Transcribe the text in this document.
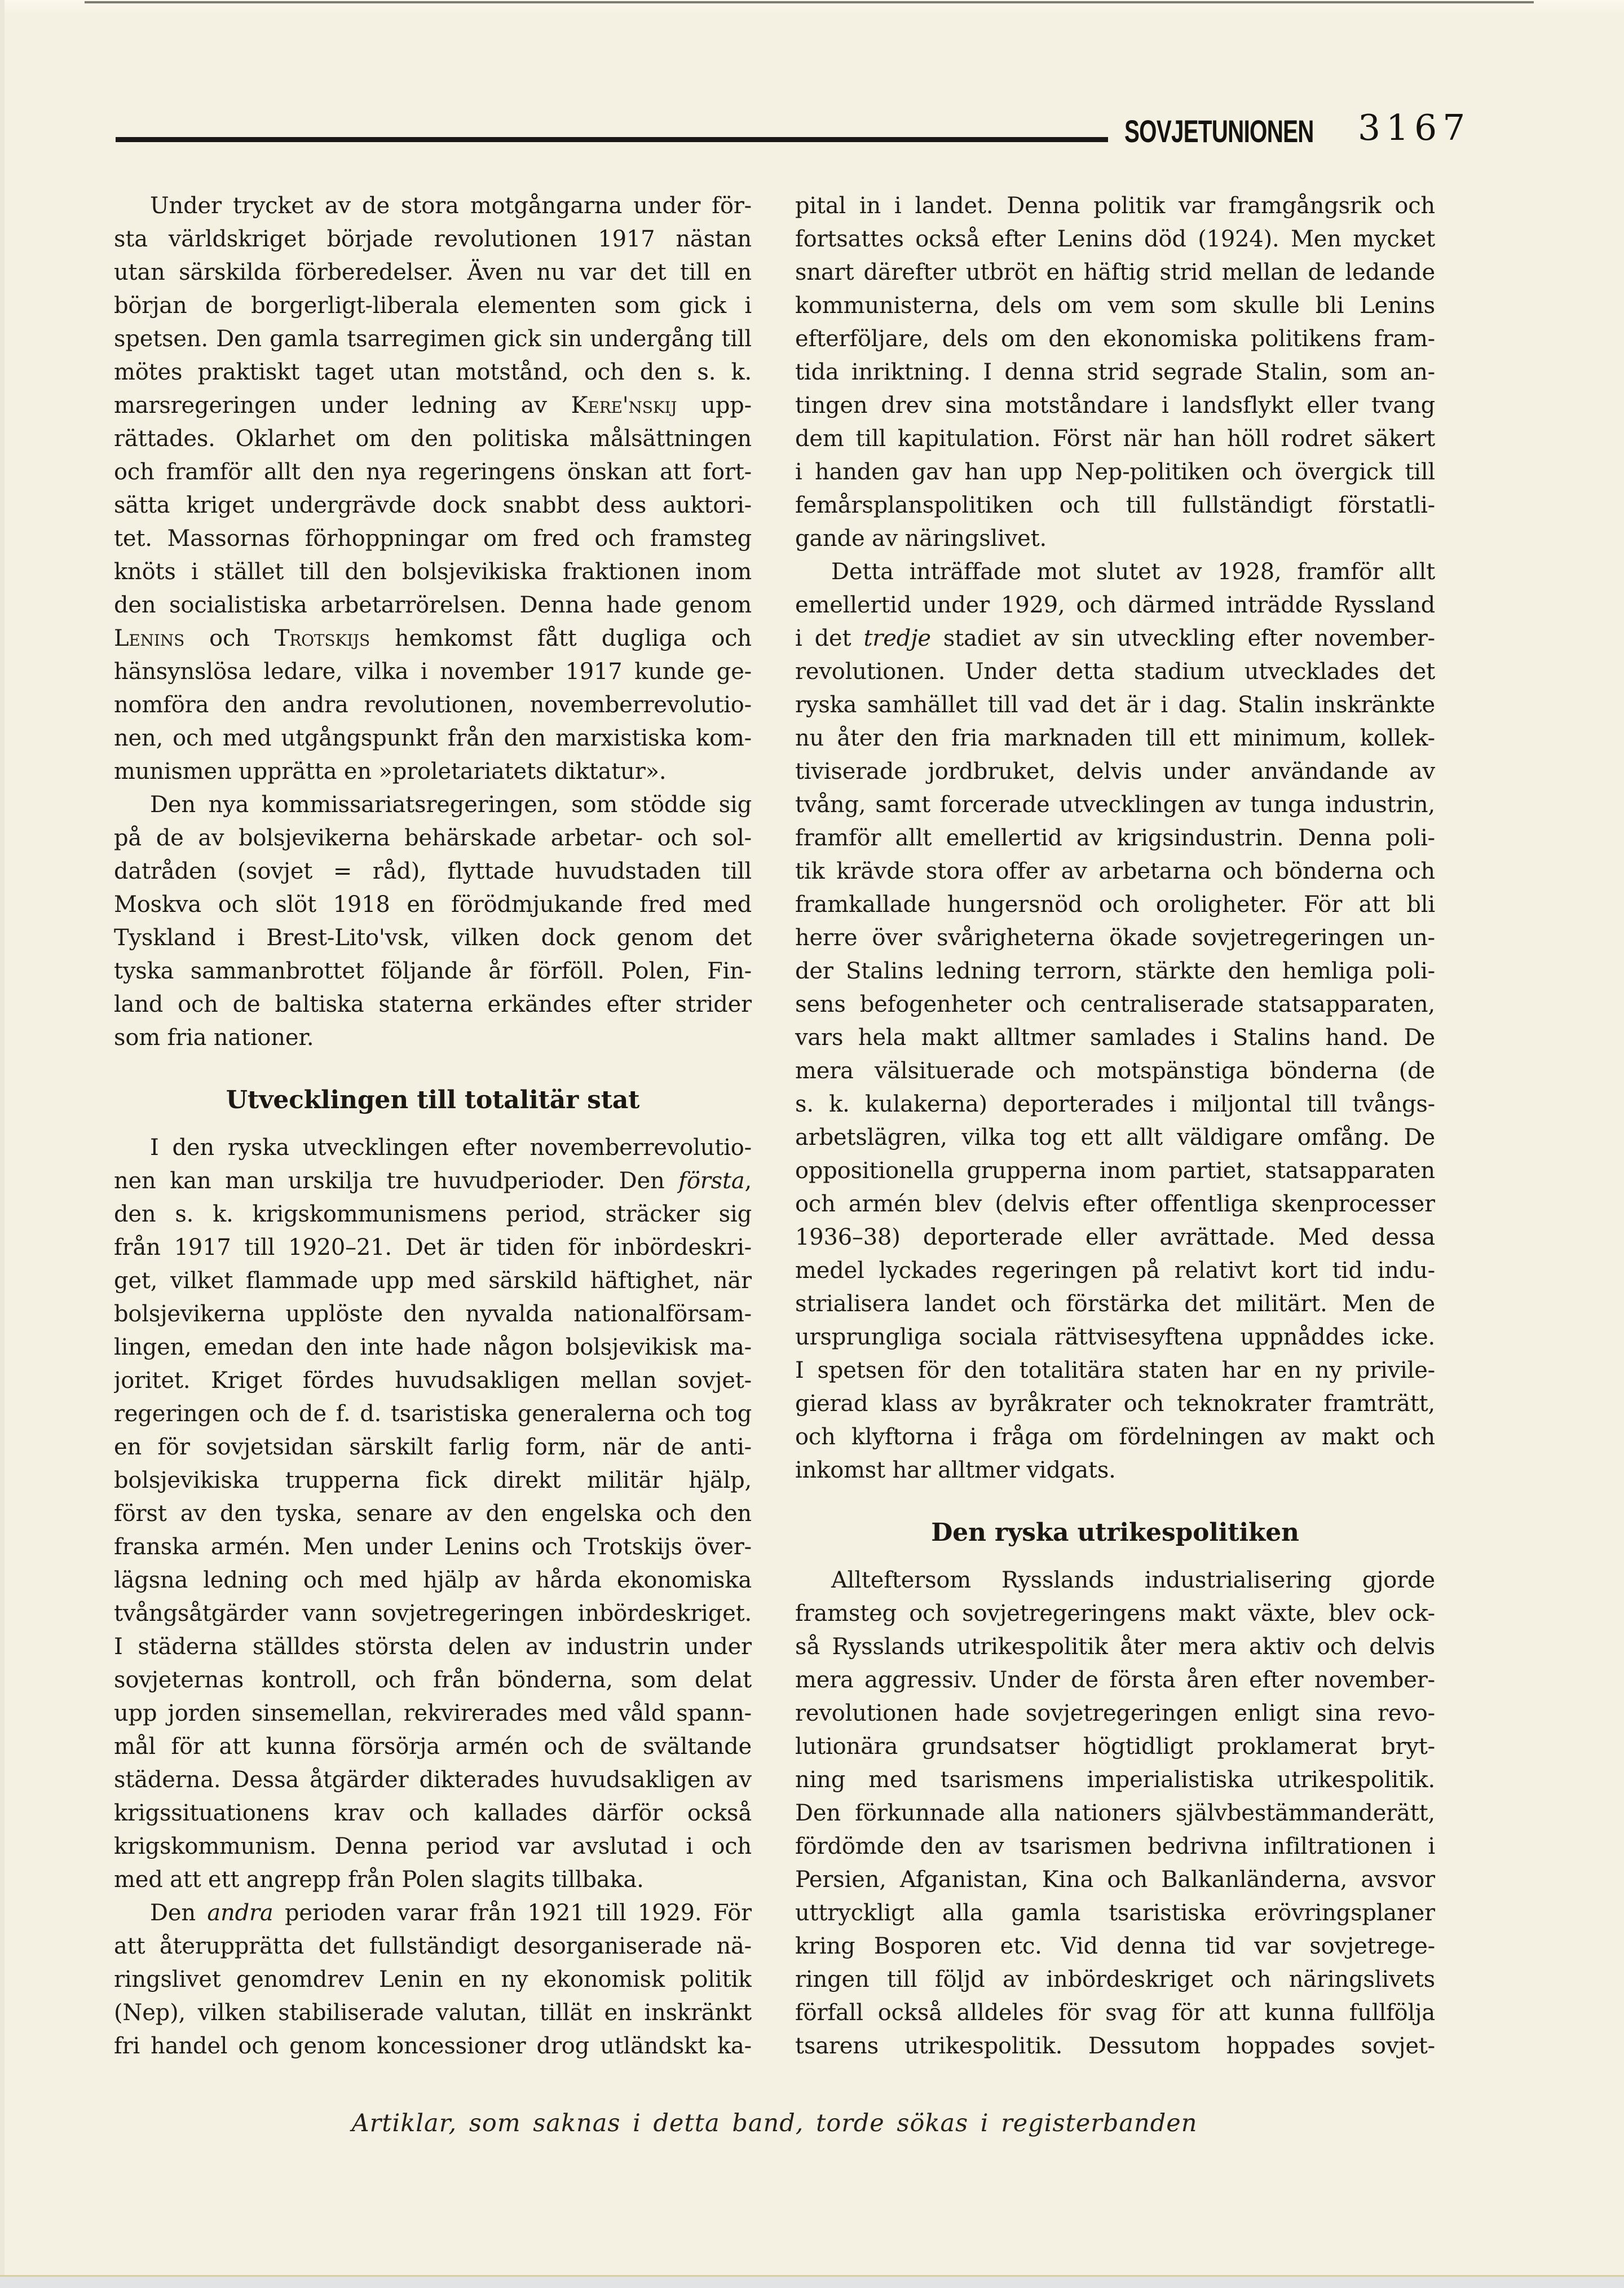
SOVJETUNIONEN 3167
Under trycket av de stora motgångarna under för-
sta världskriget började revolutionen 1917 nästan
utan särskilda förberedelser. Även nu var det till en
början de borgerligt-liberala elementen som gick i
spetsen. Den gamla tsarregimen gick sin undergång till
mötes praktiskt taget utan motstånd, och den s. k.
marsregeringen under ledning av Kere'nskij upp-
rättades. Oklarhet om den politiska målsättningen
och framför allt den nya regeringens önskan att fort-
sätta kriget undergrävde dock snabbt dess auktori-
tet. Massornas förhoppningar om fred och framsteg
knöts i stället till den bolsjevikiska fraktionen inom
den socialistiska arbetarrörelsen. Denna hade genom
Lenins och Trotskijs hemkomst fått dugliga och
hänsynslösa ledare, vilka i november 1917 kunde ge-
nomföra den andra revolutionen, novemberrevolutio-
nen, och med utgångspunkt från den marxistiska kom-
munismen upprätta en »proletariatets diktatur».
Den nya kommissariatsregeringen, som stödde sig
på de av bolsjevikerna behärskade arbetar- och sol-
datråden (sovjet = råd), flyttade huvudstaden till
Moskva och slöt 1918 en förödmjukande fred med
Tyskland i Brest-Lito'vsk, vilken dock genom det
tyska sammanbrottet följande år förföll. Polen, Fin-
land och de baltiska staterna erkändes efter strider
som fria nationer.
Utvecklingen till totalitär stat
I den ryska utvecklingen efter novemberrevolutio-
nen kan man urskilja tre huvudperioder. Den första,
den s. k. krigskommunismens period, sträcker sig
från 1917 till 1920–21. Det är tiden för inbördeskri-
get, vilket flammade upp med särskild häftighet, när
bolsjevikerna upplöste den nyvalda nationalförsam-
lingen, emedan den inte hade någon bolsjevikisk ma-
joritet. Kriget fördes huvudsakligen mellan sovjet-
regeringen och de f. d. tsaristiska generalerna och tog
en för sovjetsidan särskilt farlig form, när de anti-
bolsjevikiska trupperna fick direkt militär hjälp,
först av den tyska, senare av den engelska och den
franska armén. Men under Lenins och Trotskijs över-
lägsna ledning och med hjälp av hårda ekonomiska
tvångsåtgärder vann sovjetregeringen inbördeskriget.
I städerna ställdes största delen av industrin under
sovjeternas kontroll, och från bönderna, som delat
upp jorden sinsemellan, rekvirerades med våld spann-
mål för att kunna försörja armén och de svältande
städerna. Dessa åtgärder dikterades huvudsakligen av
krigssituationens krav och kallades därför också
krigskommunism. Denna period var avslutad i och
med att ett angrepp från Polen slagits tillbaka.
Den andra perioden varar från 1921 till 1929. För
att återupprätta det fullständigt desorganiserade nä-
ringslivet genomdrev Lenin en ny ekonomisk politik
(Nep), vilken stabiliserade valutan, tillät en inskränkt
fri handel och genom koncessioner drog utländskt ka-
pital in i landet. Denna politik var framgångsrik och
fortsattes också efter Lenins död (1924). Men mycket
snart därefter utbröt en häftig strid mellan de ledande
kommunisterna, dels om vem som skulle bli Lenins
efterföljare, dels om den ekonomiska politikens fram-
tida inriktning. I denna strid segrade Stalin, som an-
tingen drev sina motståndare i landsflykt eller tvang
dem till kapitulation. Först när han höll rodret säkert
i handen gav han upp Nep-politiken och övergick till
femårsplanspolitiken och till fullständigt förstatli-
gande av näringslivet.
Detta inträffade mot slutet av 1928, framför allt
emellertid under 1929, och därmed inträdde Ryssland
i det tredje stadiet av sin utveckling efter november-
revolutionen. Under detta stadium utvecklades det
ryska samhället till vad det är i dag. Stalin inskränkte
nu åter den fria marknaden till ett minimum, kollek-
tiviserade jordbruket, delvis under användande av
tvång, samt forcerade utvecklingen av tunga industrin,
framför allt emellertid av krigsindustrin. Denna poli-
tik krävde stora offer av arbetarna och bönderna och
framkallade hungersnöd och oroligheter. För att bli
herre över svårigheterna ökade sovjetregeringen un-
der Stalins ledning terrorn, stärkte den hemliga poli-
sens befogenheter och centraliserade statsapparaten,
vars hela makt alltmer samlades i Stalins hand. De
mera välsituerade och motspänstiga bönderna (de
s. k. kulakerna) deporterades i miljontal till tvångs-
arbetslägren, vilka tog ett allt väldigare omfång. De
oppositionella grupperna inom partiet, statsapparaten
och armén blev (delvis efter offentliga skenprocesser
1936–38) deporterade eller avrättade. Med dessa
medel lyckades regeringen på relativt kort tid indu-
strialisera landet och förstärka det militärt. Men de
ursprungliga sociala rättvisesyftena uppnåddes icke.
I spetsen för den totalitära staten har en ny privile-
gierad klass av byråkrater och teknokrater framträtt,
och klyftorna i fråga om fördelningen av makt och
inkomst har alltmer vidgats.
Den ryska utrikespolitiken
Allteftersom Rysslands industrialisering gjorde
framsteg och sovjetregeringens makt växte, blev ock-
så Rysslands utrikespolitik åter mera aktiv och delvis
mera aggressiv. Under de första åren efter november-
revolutionen hade sovjetregeringen enligt sina revo-
lutionära grundsatser högtidligt proklamerat bryt-
ning med tsarismens imperialistiska utrikespolitik.
Den förkunnade alla nationers självbestämmanderätt,
fördömde den av tsarismen bedrivna infiltrationen i
Persien, Afganistan, Kina och Balkanländerna, avsvor
uttryckligt alla gamla tsaristiska erövringsplaner
kring Bosporen etc. Vid denna tid var sovjetrege-
ringen till följd av inbördeskriget och näringslivets
förfall också alldeles för svag för att kunna fullfölja
tsarens utrikespolitik. Dessutom hoppades sovjet-
Artiklar, som saknas i detta band, torde sökas i registerbanden
